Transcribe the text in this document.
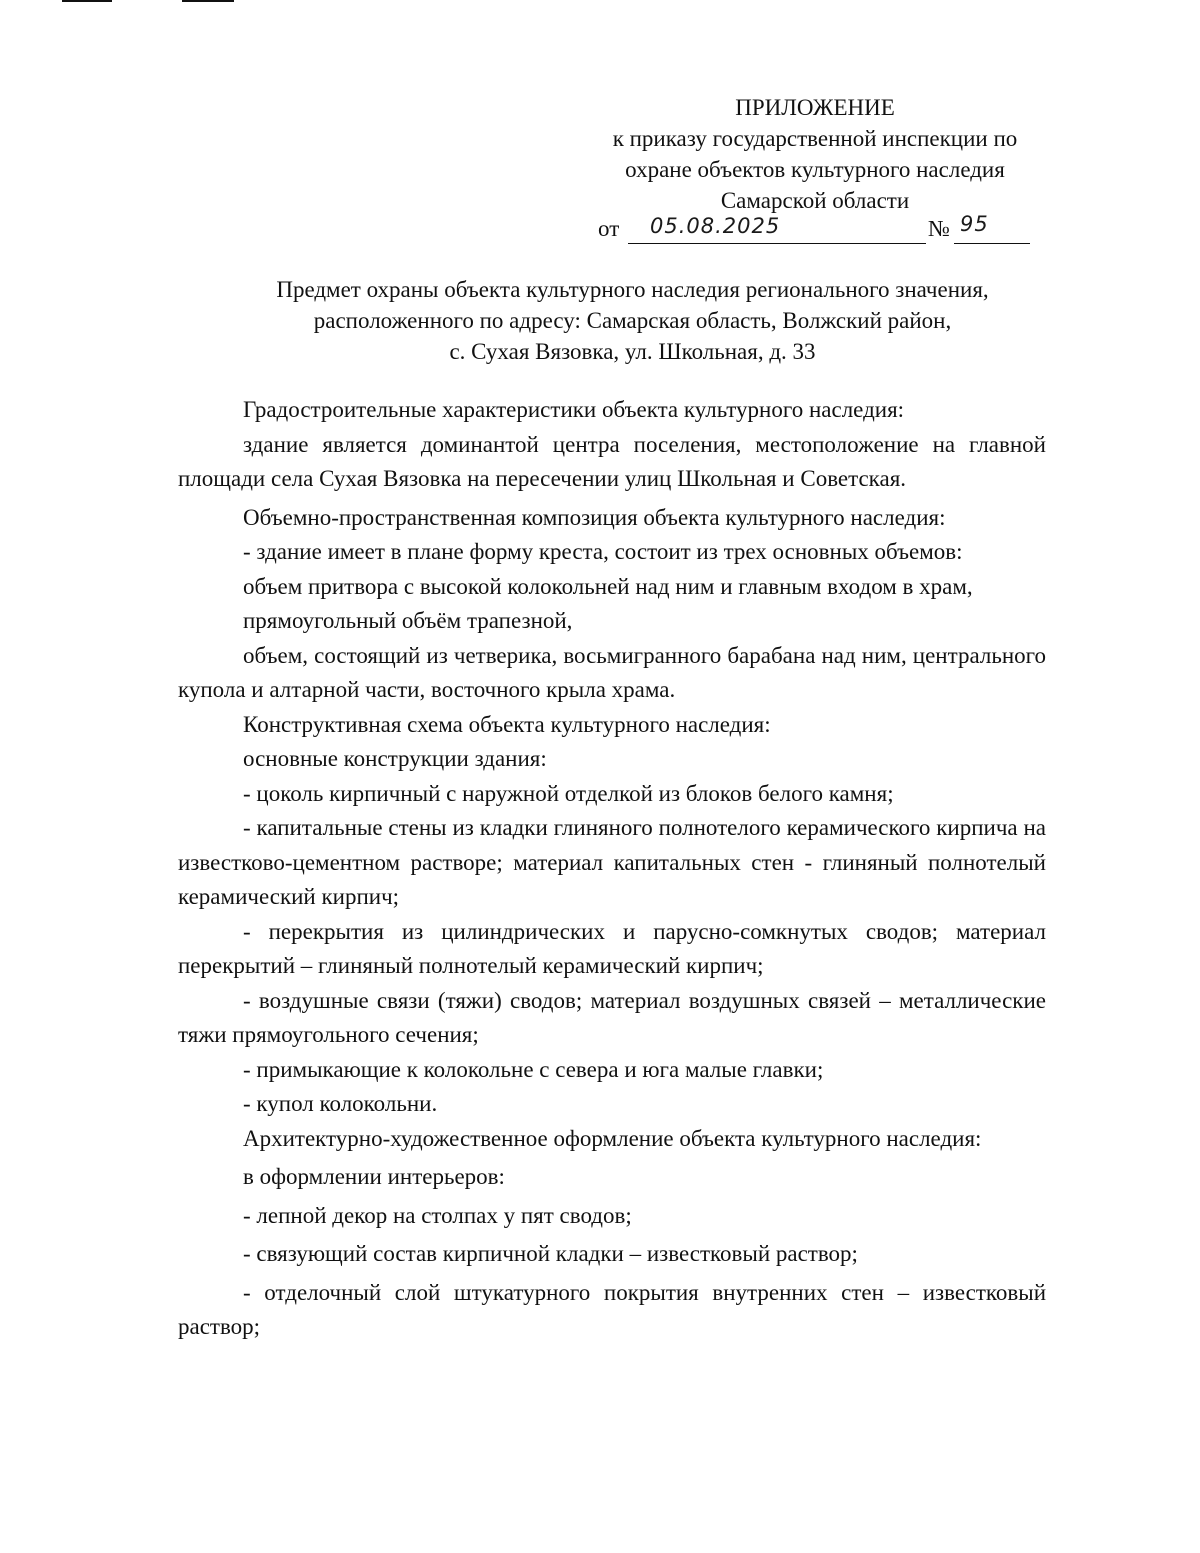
ПРИЛОЖЕНИЕ
к приказу государственной инспекции по
охране объектов культурного наследия
Самарской области
от 05.08.2025	№ 95
Предмет охраны объекта культурного наследия регионального значения,
расположенного по адресу: Самарская область, Волжский район,
с. Сухая Вязовка, ул. Школьная, д. 33

Градостроительные характеристики объекта культурного наследия:

здание является доминантой центра поселения, местоположение на главной площади села Сухая Вязовка на пересечении улиц Школьная и Советская.

Объемно-пространственная композиция объекта культурного наследия:

- здание имеет в плане форму креста, состоит из трех основных объемов:

объем притвора с высокой колокольней над ним и главным входом в храм,

прямоугольный объём трапезной,

объем, состоящий из четверика, восьмигранного барабана над ним, центрального купола и алтарной части, восточного крыла храма.

Конструктивная схема объекта культурного наследия:

основные конструкции здания:

- цоколь кирпичный с наружной отделкой из блоков белого камня;

- капитальные стены из кладки глиняного полнотелого керамического кирпича на известково-цементном растворе; материал капитальных стен - глиняный полнотелый керамический кирпич;

- перекрытия из цилиндрических и парусно-сомкнутых сводов; материал перекрытий – глиняный полнотелый керамический кирпич;

- воздушные связи (тяжи) сводов; материал воздушных связей – металлические тяжи прямоугольного сечения;

- примыкающие к колокольне с севера и юга малые главки;

- купол колокольни.

Архитектурно-художественное оформление объекта культурного наследия:

в оформлении интерьеров:

- лепной декор на столпах у пят сводов;

- связующий состав кирпичной кладки – известковый раствор;

- отделочный слой штукатурного покрытия внутренних стен – известковый раствор;
